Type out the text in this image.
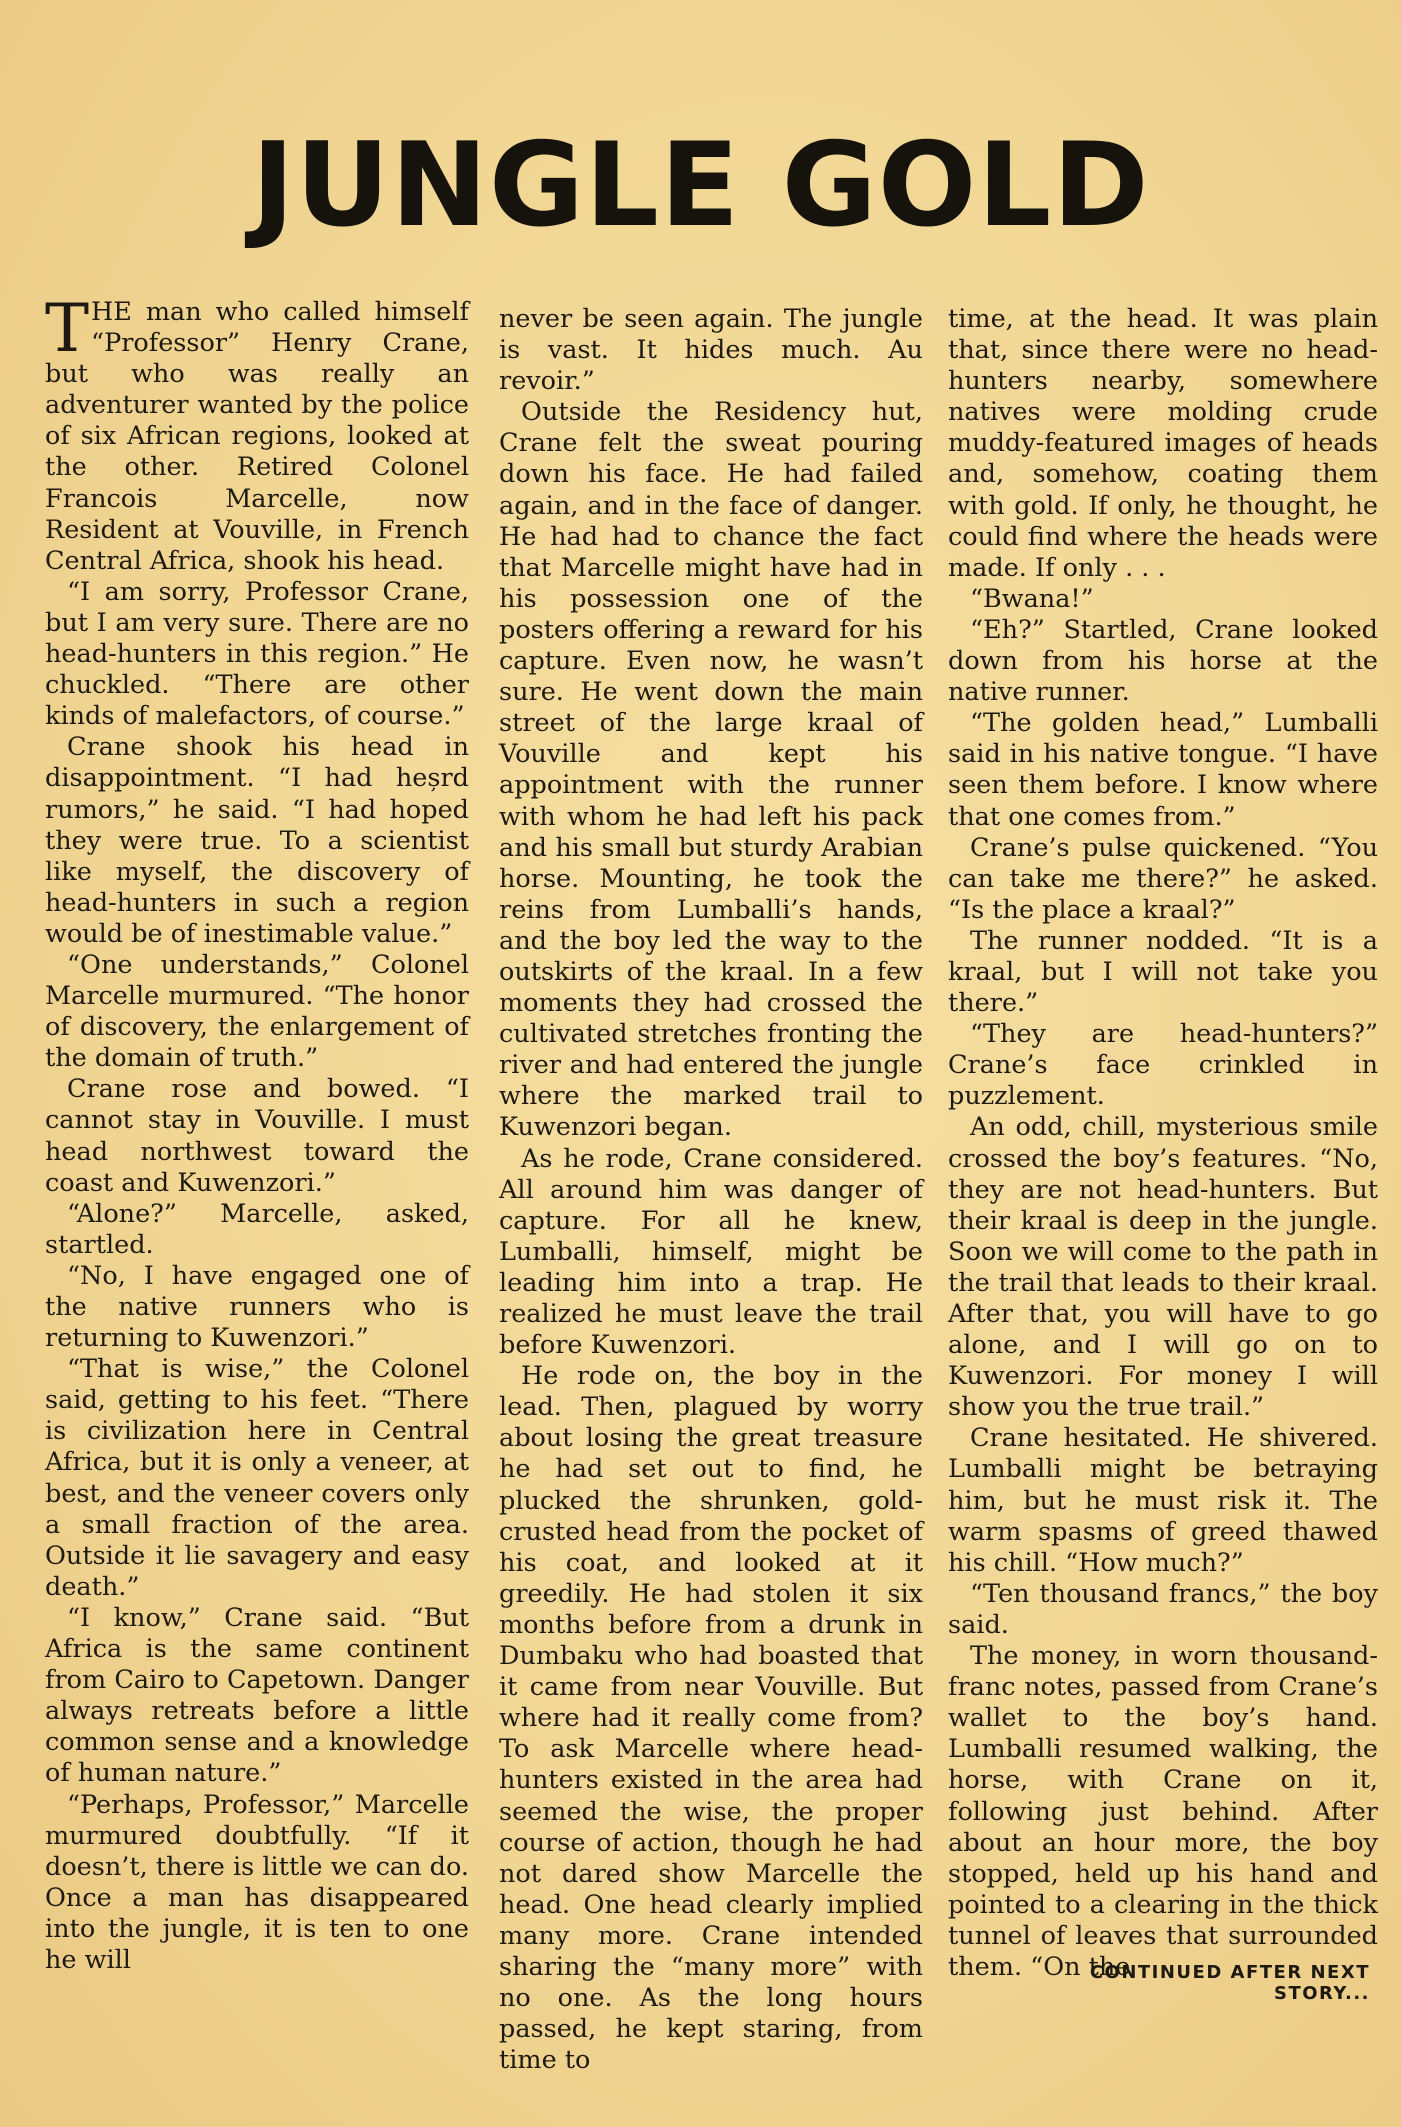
JUNGLE GOLD

THE man who called himself “Professor” Henry Crane, but who was really an adventurer wanted by the police of six African regions, looked at the other. Retired Colonel Francois Marcelle, now Resident at Vouville, in French Central Africa, shook his head.

“I am sorry, Professor Crane, but I am very sure. There are no head-hunters in this region.” He chuckled. “There are other kinds of malefactors, of course.”

Crane shook his head in disappointment. “I had heșrd rumors,” he said. “I had hoped they were true. To a scientist like myself, the discovery of head-hunters in such a region would be of inestimable value.”

“One understands,” Colonel Marcelle murmured. “The honor of discovery, the enlargement of the domain of truth.”

Crane rose and bowed. “I cannot stay in Vouville. I must head northwest toward the coast and Kuwenzori.”

“Alone?” Marcelle, asked, startled.

“No, I have engaged one of the native runners who is returning to Kuwenzori.”

“That is wise,” the Colonel said, getting to his feet. “There is civilization here in Central Africa, but it is only a veneer, at best, and the veneer covers only a small fraction of the area. Outside it lie savagery and easy death.”

“I know,” Crane said. “But Africa is the same continent from Cairo to Capetown. Danger always retreats before a little common sense and a knowledge of human nature.”

“Perhaps, Professor,” Marcelle murmured doubtfully. “If it doesn’t, there is little we can do. Once a man has disappeared into the jungle, it is ten to one he will

never be seen again. The jungle is vast. It hides much. Au revoir.”

Outside the Residency hut, Crane felt the sweat pouring down his face. He had failed again, and in the face of danger. He had had to chance the fact that Marcelle might have had in his possession one of the posters offering a reward for his capture. Even now, he wasn’t sure. He went down the main street of the large kraal of Vouville and kept his appointment with the runner with whom he had left his pack and his small but sturdy Arabian horse. Mounting, he took the reins from Lumballi’s hands, and the boy led the way to the outskirts of the kraal. In a few moments they had crossed the cultivated stretches fronting the river and had entered the jungle where the marked trail to Kuwenzori began.

As he rode, Crane considered. All around him was danger of capture. For all he knew, Lumballi, himself, might be leading him into a trap. He realized he must leave the trail before Kuwenzori.

He rode on, the boy in the lead. Then, plagued by worry about losing the great treasure he had set out to find, he plucked the shrunken, gold-crusted head from the pocket of his coat, and looked at it greedily. He had stolen it six months before from a drunk in Dumbaku who had boasted that it came from near Vouville. But where had it really come from? To ask Marcelle where head-hunters existed in the area had seemed the wise, the proper course of action, though he had not dared show Marcelle the head. One head clearly implied many more. Crane intended sharing the “many more” with no one. As the long hours passed, he kept staring, from time to

time, at the head. It was plain that, since there were no head-hunters nearby, somewhere natives were molding crude muddy-featured images of heads and, somehow, coating them with gold. If only, he thought, he could find where the heads were made. If only . . .

“Bwana!”

“Eh?” Startled, Crane looked down from his horse at the native runner.

“The golden head,” Lumballi said in his native tongue. “I have seen them before. I know where that one comes from.”

Crane’s pulse quickened. “You can take me there?” he asked. “Is the place a kraal?”

The runner nodded. “It is a kraal, but I will not take you there.”

“They are head-hunters?” Crane’s face crinkled in puzzlement.

An odd, chill, mysterious smile crossed the boy’s features. “No, they are not head-hunters. But their kraal is deep in the jungle. Soon we will come to the path in the trail that leads to their kraal. After that, you will have to go alone, and I will go on to Kuwenzori. For money I will show you the true trail.”

Crane hesitated. He shivered. Lumballi might be betraying him, but he must risk it. The warm spasms of greed thawed his chill. “How much?”

“Ten thousand francs,” the boy said.

The money, in worn thousand-franc notes, passed from Crane’s wallet to the boy’s hand. Lumballi resumed walking, the horse, with Crane on it, following just behind. After about an hour more, the boy stopped, held up his hand and pointed to a clearing in the thick tunnel of leaves that surrounded them. “On the

CONTINUED AFTER NEXT STORY...
